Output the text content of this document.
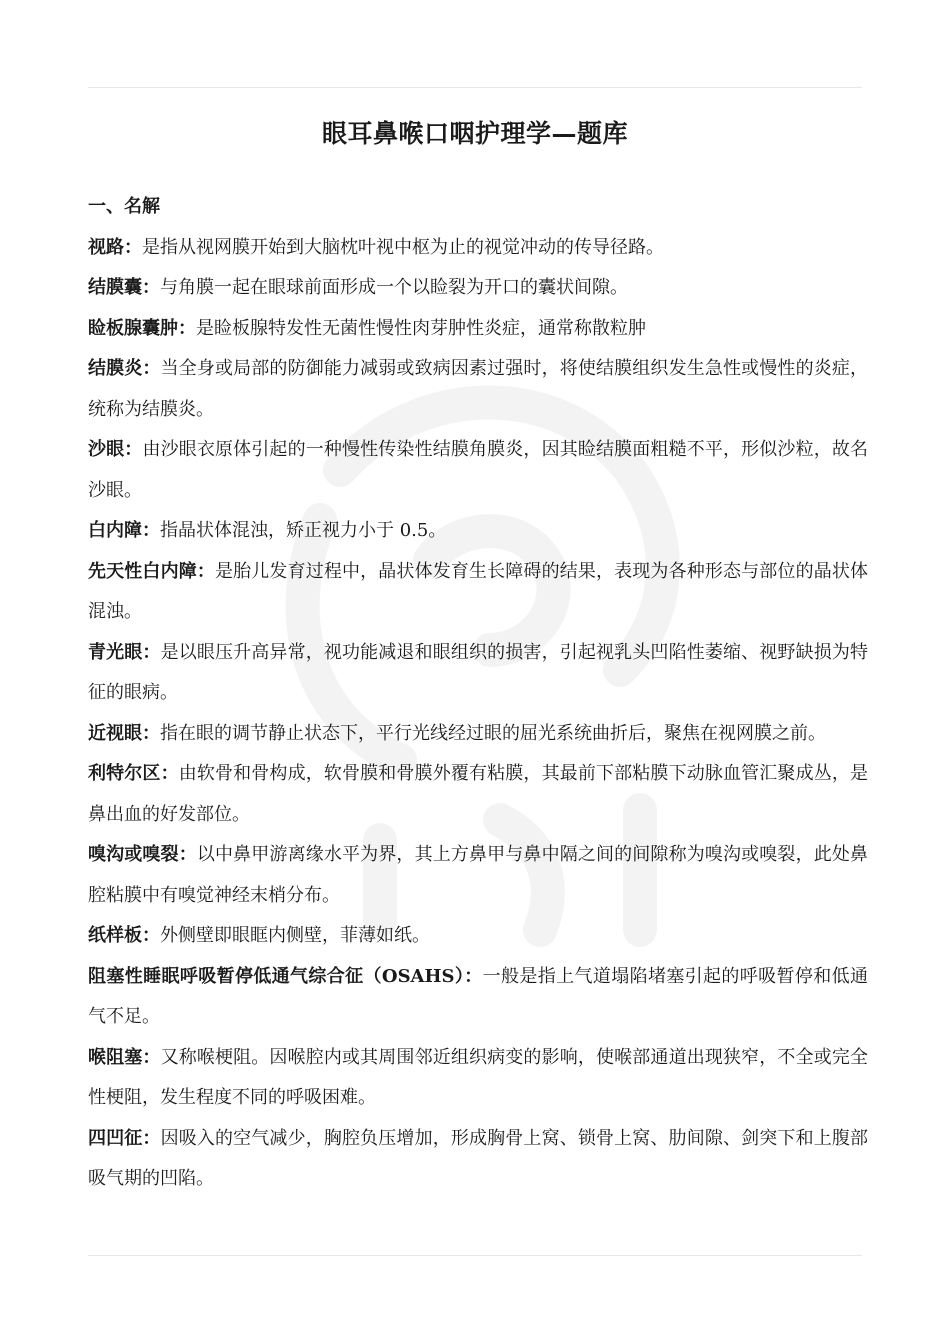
眼耳鼻喉口咽护理学—题库

一、名解

视路：是指从视网膜开始到大脑枕叶视中枢为止的视觉冲动的传导径路。

结膜囊：与角膜一起在眼球前面形成一个以睑裂为开口的囊状间隙。

睑板腺囊肿：是睑板腺特发性无菌性慢性肉芽肿性炎症，通常称散粒肿

结膜炎：当全身或局部的防御能力减弱或致病因素过强时，将使结膜组织发生急性或慢性的炎症，统称为结膜炎。

沙眼：由沙眼衣原体引起的一种慢性传染性结膜角膜炎，因其睑结膜面粗糙不平，形似沙粒，故名沙眼。

白内障：指晶状体混浊，矫正视力小于 0.5。

先天性白内障：是胎儿发育过程中，晶状体发育生长障碍的结果，表现为各种形态与部位的晶状体混浊。

青光眼：是以眼压升高异常，视功能减退和眼组织的损害，引起视乳头凹陷性萎缩、视野缺损为特征的眼病。

近视眼：指在眼的调节静止状态下，平行光线经过眼的屈光系统曲折后，聚焦在视网膜之前。

利特尔区：由软骨和骨构成，软骨膜和骨膜外覆有粘膜，其最前下部粘膜下动脉血管汇聚成丛，是鼻出血的好发部位。

嗅沟或嗅裂：以中鼻甲游离缘水平为界，其上方鼻甲与鼻中隔之间的间隙称为嗅沟或嗅裂，此处鼻腔粘膜中有嗅觉神经末梢分布。

纸样板：外侧壁即眼眶内侧壁，菲薄如纸。

阻塞性睡眠呼吸暂停低通气综合征（OSAHS）：一般是指上气道塌陷堵塞引起的呼吸暂停和低通气不足。

喉阻塞：又称喉梗阻。因喉腔内或其周围邻近组织病变的影响，使喉部通道出现狭窄，不全或完全性梗阻，发生程度不同的呼吸困难。

四凹征：因吸入的空气减少，胸腔负压增加，形成胸骨上窝、锁骨上窝、肋间隙、剑突下和上腹部吸气期的凹陷。
